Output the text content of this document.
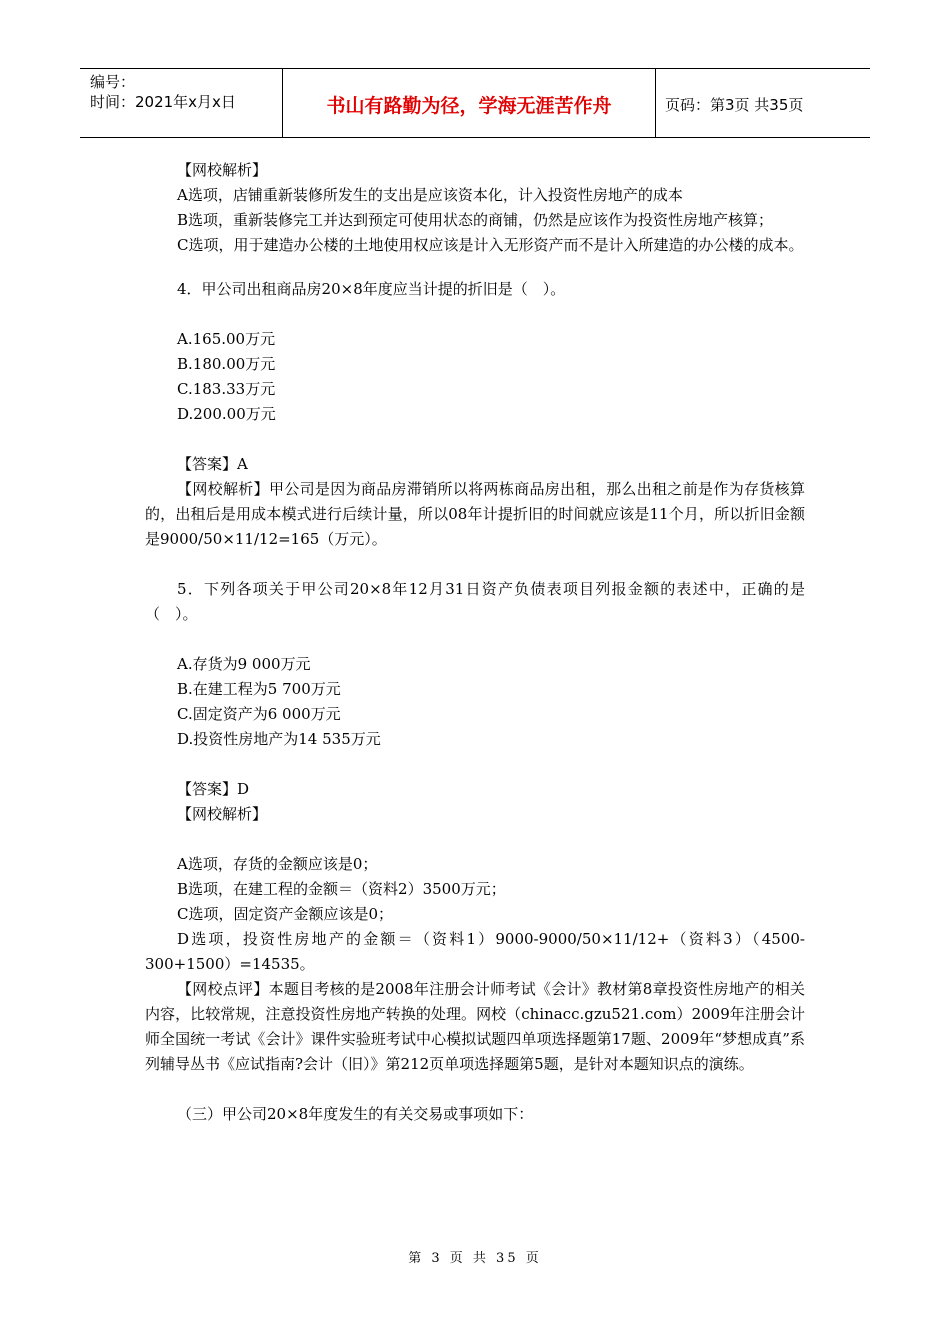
编号：
时间：2021年x月x日	书山有路勤为径，学海无涯苦作舟	页码：第3页 共35页

【网校解析】

A选项，店铺重新装修所发生的支出是应该资本化，计入投资性房地产的成本

B选项，重新装修完工并达到预定可使用状态的商铺，仍然是应该作为投资性房地产核算；

C选项，用于建造办公楼的土地使用权应该是计入无形资产而不是计入所建造的办公楼的成本。

4．甲公司出租商品房20×8年度应当计提的折旧是（　）。

A.165.00万元

B.180.00万元

C.183.33万元

D.200.00万元

【答案】A

【网校解析】甲公司是因为商品房滞销所以将两栋商品房出租，那么出租之前是作为存货核算的，出租后是用成本模式进行后续计量，所以08年计提折旧的时间就应该是11个月，所以折旧金额是9000/50×11/12=165（万元）。

5．下列各项关于甲公司20×8年12月31日资产负债表项目列报金额的表述中，正确的是（　）。

A.存货为9 000万元

B.在建工程为5 700万元

C.固定资产为6 000万元

D.投资性房地产为14 535万元

【答案】D

【网校解析】

A选项，存货的金额应该是0；

B选项，在建工程的金额＝（资料2）3500万元；

C选项，固定资产金额应该是0；

D选项，投资性房地产的金额＝（资料1）9000-9000/50×11/12+（资料3）（4500-300+1500）=14535。

【网校点评】本题目考核的是2008年注册会计师考试《会计》教材第8章投资性房地产的相关内容，比较常规，注意投资性房地产转换的处理。网校（chinacc.gzu521.com）2009年注册会计师全国统一考试《会计》课件实验班考试中心模拟试题四单项选择题第17题、2009年“梦想成真”系列辅导丛书《应试指南?会计（旧）》第212页单项选择题第5题，是针对本题知识点的演练。

（三）甲公司20×8年度发生的有关交易或事项如下：

第 3 页 共 35 页
